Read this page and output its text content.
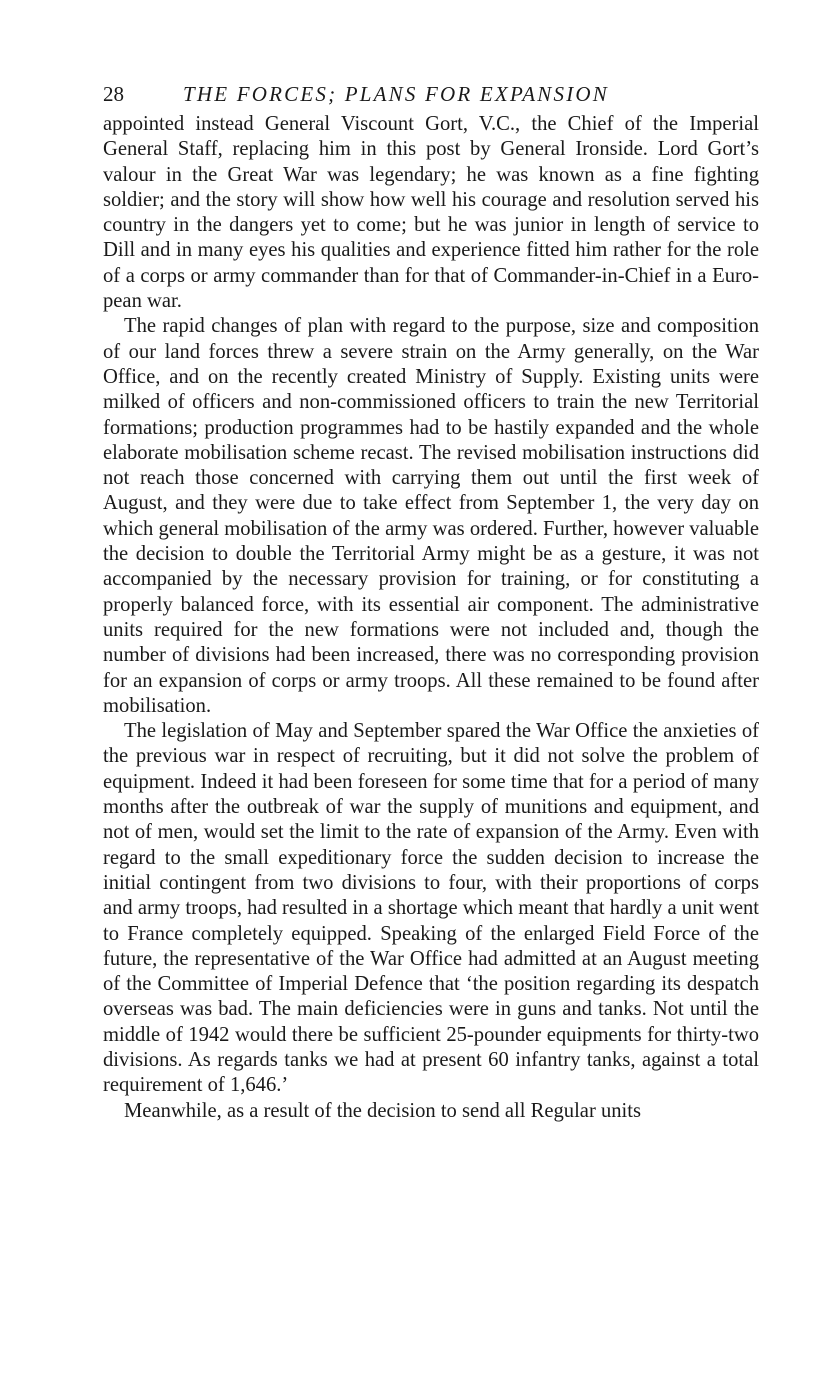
28	THE FORCES; PLANS FOR EXPANSION

appointed instead General Viscount Gort, V.C., the Chief of the Imperial General Staff, replacing him in this post by General Ironside. Lord Gort’s valour in the Great War was legendary; he was known as a fine fighting soldier; and the story will show how well his courage and resolution served his country in the dangers yet to come; but he was junior in length of service to Dill and in many eyes his qualities and experience fitted him rather for the role of a corps or army commander than for that of Commander-in-Chief in a European war.

The rapid changes of plan with regard to the purpose, size and composition of our land forces threw a severe strain on the Army generally, on the War Office, and on the recently created Ministry of Supply. Existing units were milked of officers and non-commissioned officers to train the new Territorial formations; production programmes had to be hastily expanded and the whole elaborate mobilisation scheme recast. The revised mobilisation instructions did not reach those concerned with carrying them out until the first week of August, and they were due to take effect from September 1, the very day on which general mobilisation of the army was ordered. Further, however valuable the decision to double the Territorial Army might be as a gesture, it was not accompanied by the necessary provision for training, or for constituting a properly balanced force, with its essential air component. The administrative units required for the new formations were not included and, though the number of divisions had been increased, there was no corresponding provision for an expansion of corps or army troops. All these remained to be found after mobilisation.

The legislation of May and September spared the War Office the anxieties of the previous war in respect of recruiting, but it did not solve the problem of equipment. Indeed it had been foreseen for some time that for a period of many months after the outbreak of war the supply of munitions and equipment, and not of men, would set the limit to the rate of expansion of the Army. Even with regard to the small expeditionary force the sudden decision to increase the initial contingent from two divisions to four, with their proportions of corps and army troops, had resulted in a shortage which meant that hardly a unit went to France completely equipped. Speaking of the enlarged Field Force of the future, the representative of the War Office had admitted at an August meeting of the Committee of Imperial Defence that ‘the position regarding its despatch overseas was bad. The main deficiencies were in guns and tanks. Not until the middle of 1942 would there be sufficient 25-pounder equipments for thirty-two divisions. As regards tanks we had at present 60 infantry tanks, against a total requirement of 1,646.’

Meanwhile, as a result of the decision to send all Regular units
